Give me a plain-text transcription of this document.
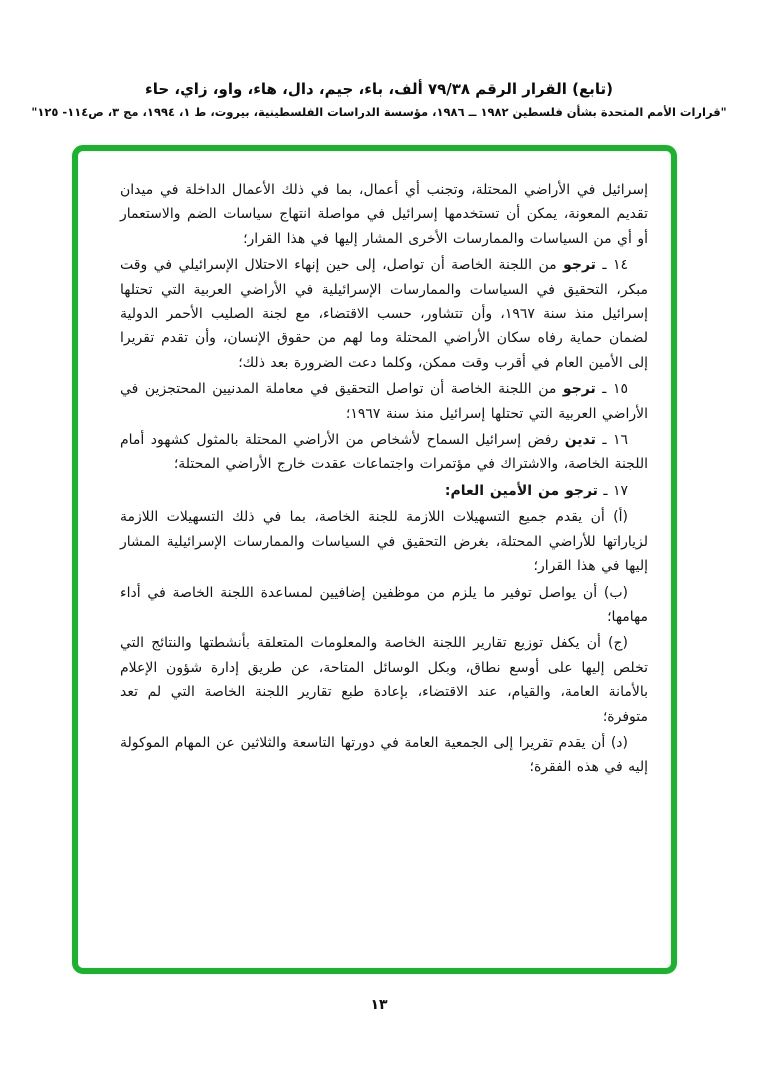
(تابع) القرار الرقم ٧٩/٣٨ ألف، باء، جيم، دال، هاء، واو، زاي، حاء
"قرارات الأمم المتحدة بشأن فلسطين ١٩٨٢ ــ ١٩٨٦، مؤسسة الدراسات الفلسطينية، بيروت، ط ١، ١٩٩٤، مج ٣، ص١١٤- ١٢٥"

إسرائيل في الأراضي المحتلة، وتجنب أي أعمال، بما في ذلك الأعمال الداخلة في ميدان تقديم المعونة، يمكن أن تستخدمها إسرائيل في مواصلة انتهاج سياسات الضم والاستعمار أو أي من السياسات والممارسات الأخرى المشار إليها في هذا القرار؛

١٤ ـ ترجو من اللجنة الخاصة أن تواصل، إلى حين إنهاء الاحتلال الإسرائيلي في وقت مبكر، التحقيق في السياسات والممارسات الإسرائيلية في الأراضي العربية التي تحتلها إسرائيل منذ سنة ١٩٦٧، وأن تتشاور، حسب الاقتضاء، مع لجنة الصليب الأحمر الدولية لضمان حماية رفاه سكان الأراضي المحتلة وما لهم من حقوق الإنسان، وأن تقدم تقريرا إلى الأمين العام في أقرب وقت ممكن، وكلما دعت الضرورة بعد ذلك؛

١٥ ـ ترجو من اللجنة الخاصة أن تواصل التحقيق في معاملة المدنيين المحتجزين في الأراضي العربية التي تحتلها إسرائيل منذ سنة ١٩٦٧؛

١٦ ـ تدين رفض إسرائيل السماح لأشخاص من الأراضي المحتلة بالمثول كشهود أمام اللجنة الخاصة، والاشتراك في مؤتمرات واجتماعات عقدت خارج الأراضي المحتلة؛

١٧ ـ ترجو من الأمين العام:

(أ) أن يقدم جميع التسهيلات اللازمة للجنة الخاصة، بما في ذلك التسهيلات اللازمة لزياراتها للأراضي المحتلة، بغرض التحقيق في السياسات والممارسات الإسرائيلية المشار إليها في هذا القرار؛

(ب) أن يواصل توفير ما يلزم من موظفين إضافيين لمساعدة اللجنة الخاصة في أداء مهامها؛

(ج) أن يكفل توزيع تقارير اللجنة الخاصة والمعلومات المتعلقة بأنشطتها والنتائج التي تخلص إليها على أوسع نطاق، وبكل الوسائل المتاحة، عن طريق إدارة شؤون الإعلام بالأمانة العامة، والقيام، عند الاقتضاء، بإعادة طبع تقارير اللجنة الخاصة التي لم تعد متوفرة؛

(د) أن يقدم تقريرا إلى الجمعية العامة في دورتها التاسعة والثلاثين عن المهام الموكولة إليه في هذه الفقرة؛

١٣
